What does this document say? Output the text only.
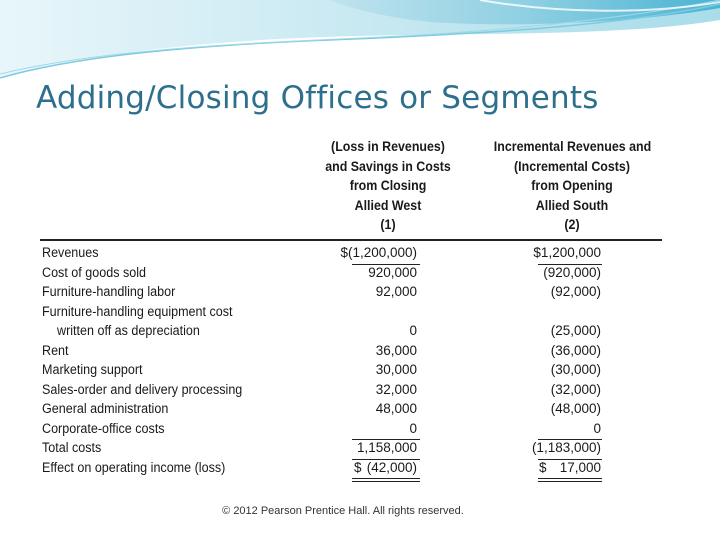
Adding/Closing Offices or Segments
(Loss in Revenues)
and Savings in Costs
from Closing
Allied West
(1)
Incremental Revenues and
(Incremental Costs)
from Opening
Allied South
(2)
Revenues	$(1,200,000)	$1,200,000
Cost of goods sold	920,000	(920,000)
Furniture-handling labor	92,000	(92,000)
Furniture-handling equipment cost
written off as depreciation	0	(25,000)
Rent	36,000	(36,000)
Marketing support	30,000	(30,000)
Sales-order and delivery processing	32,000	(32,000)
General administration	48,000	(48,000)
Corporate-office costs	0	0
Total costs	1,158,000	(1,183,000)
Effect on operating income (loss)	$ (42,000)	$ 17,000
© 2012 Pearson Prentice Hall. All rights reserved.
